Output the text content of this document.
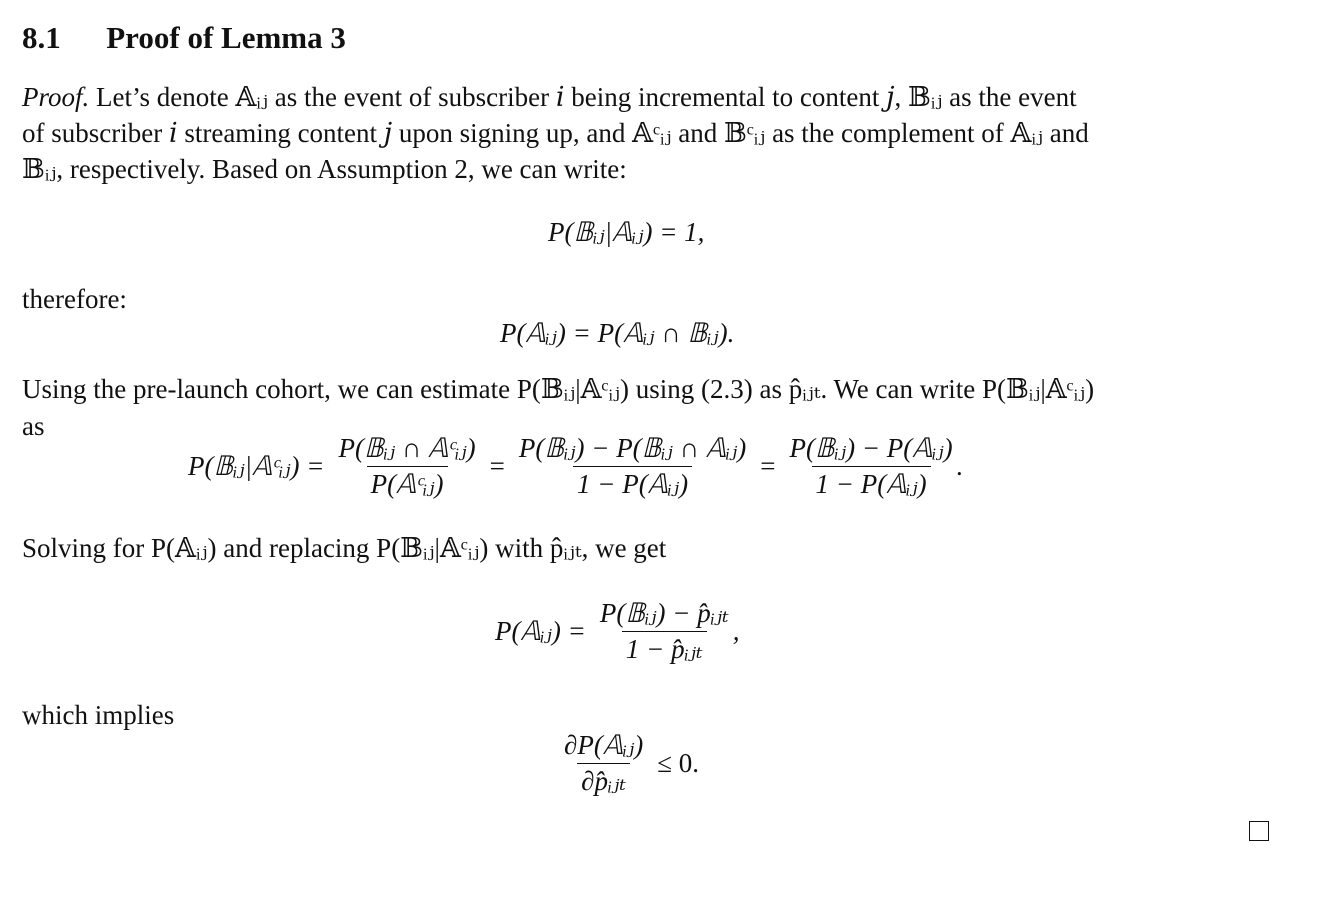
8.1 Proof of Lemma 3
Proof. Let’s denote 𝔸ᵢⱼ as the event of subscriber 𝑖 being incremental to content 𝑗, 𝔹ᵢⱼ as the event
of subscriber 𝑖 streaming content 𝑗 upon signing up, and 𝔸ᶜᵢⱼ and 𝔹ᶜᵢⱼ as the complement of 𝔸ᵢⱼ and
𝔹ᵢⱼ, respectively. Based on Assumption 2, we can write:
P(𝔹ᵢⱼ|𝔸ᵢⱼ) = 1,
therefore:
P(𝔸ᵢⱼ) = P(𝔸ᵢⱼ ∩ 𝔹ᵢⱼ).
Using the pre-launch cohort, we can estimate P(𝔹ᵢⱼ|𝔸ᶜᵢⱼ) using (2.3) as p̂ᵢⱼₜ. We can write P(𝔹ᵢⱼ|𝔸ᶜᵢⱼ)
as
P(𝔹ᵢⱼ|𝔸ᶜᵢⱼ) = $\frac{\text{P(𝔹ᵢⱼ ∩ 𝔸ᶜᵢⱼ)}}{\text{P(𝔸ᶜᵢⱼ)}} = \frac{\text{P(𝔹ᵢⱼ) − P(𝔹ᵢⱼ ∩ 𝔸ᵢⱼ)}}{\text{1 − P(𝔸ᵢⱼ)}} = \frac{\text{P(𝔹ᵢⱼ) − P(𝔸ᵢⱼ)}}{\text{1 − P(𝔸ᵢⱼ)}}$ .
Solving for P(𝔸ᵢⱼ) and replacing P(𝔹ᵢⱼ|𝔸ᶜᵢⱼ) with p̂ᵢⱼₜ, we get
P(𝔸ᵢⱼ) = $\frac{\text{P(𝔹ᵢⱼ) − p̂ᵢⱼₜ}}{\text{1 − p̂ᵢⱼₜ}}$ ,
which implies
$\frac{\text{∂P(𝔸ᵢⱼ)}}{\text{∂p̂ᵢⱼₜ}} \le 0$.
